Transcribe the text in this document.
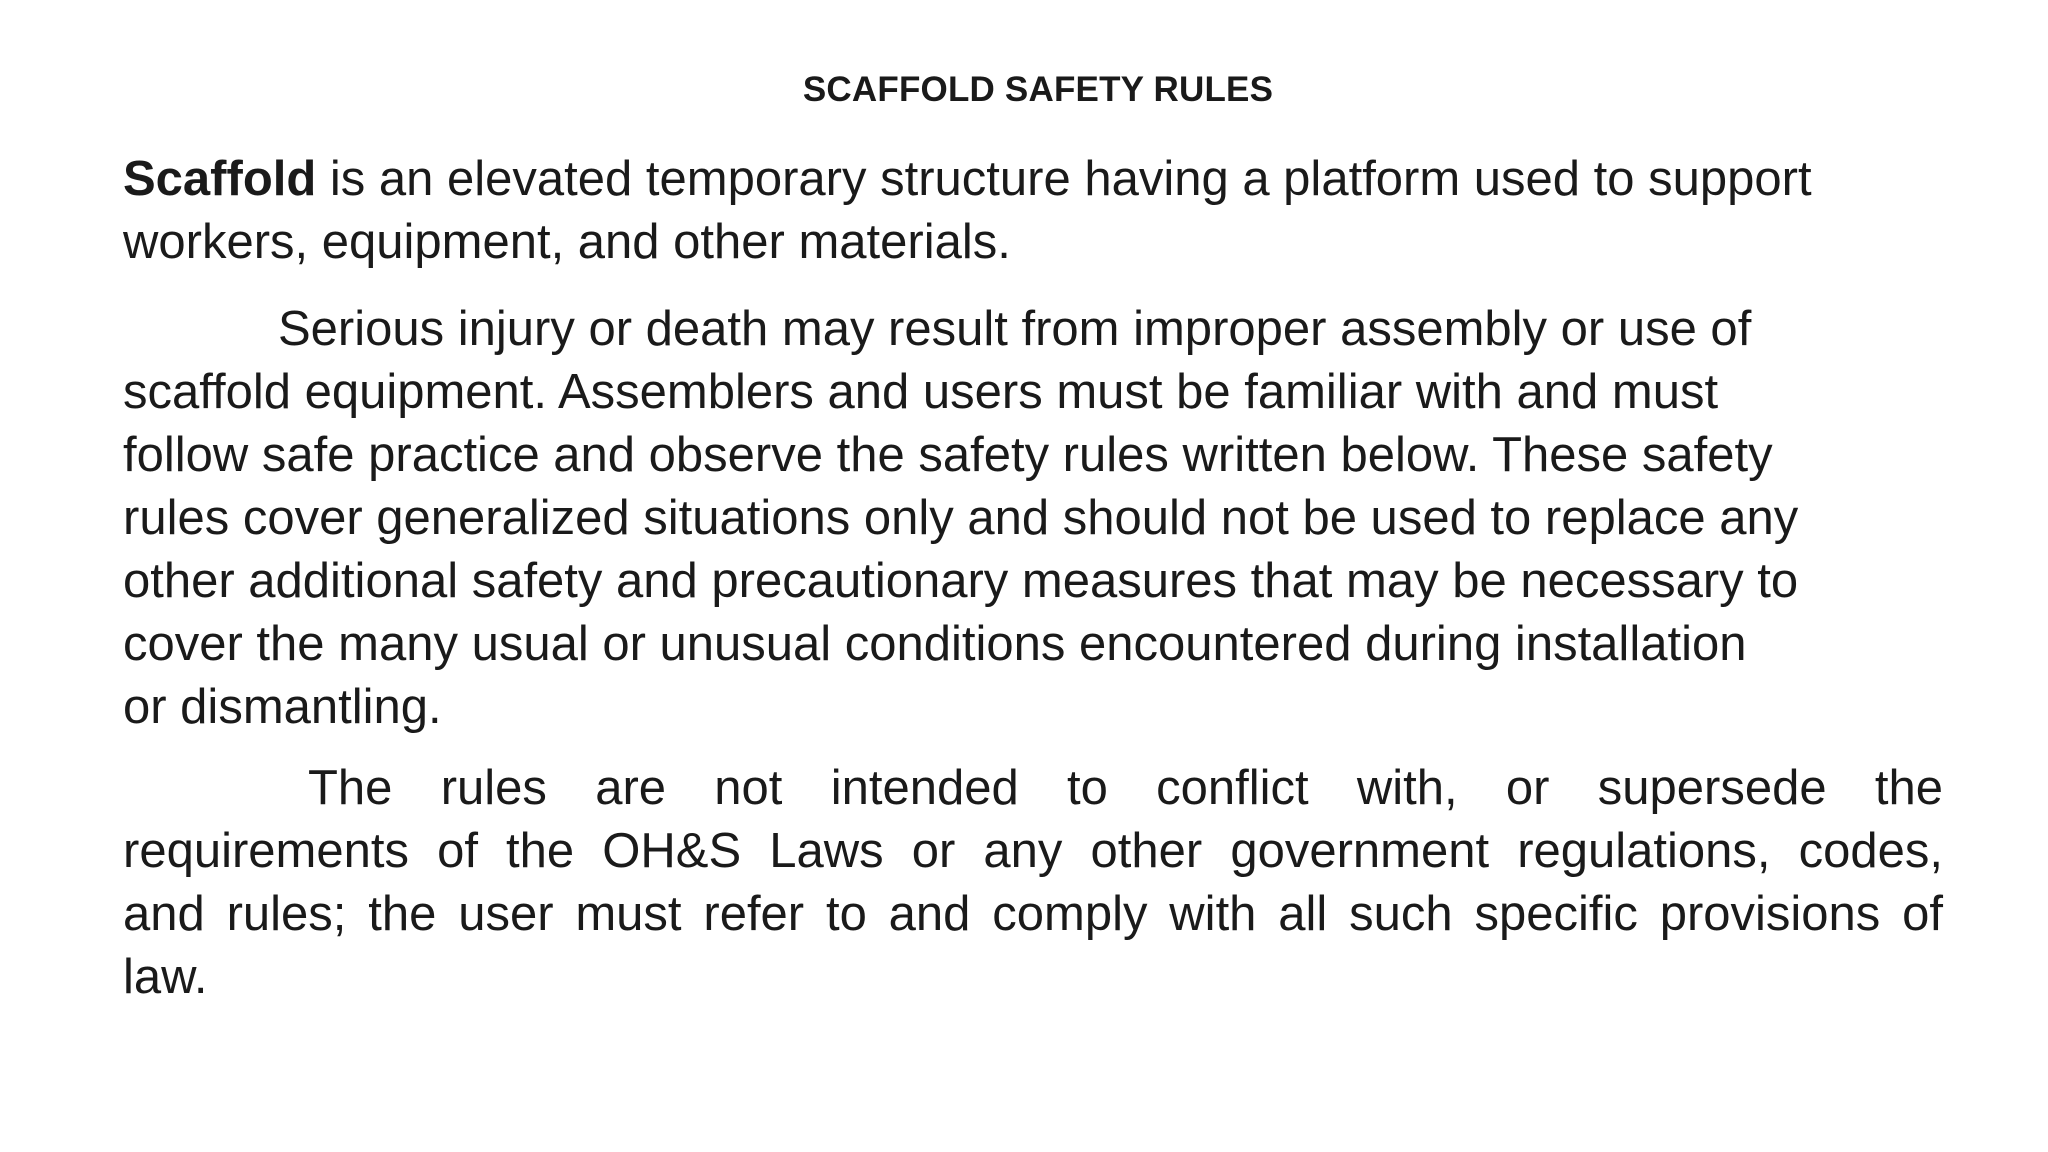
SCAFFOLD SAFETY RULES
Scaffold is an elevated temporary structure having a platform used to support
workers, equipment, and other materials.
Serious injury or death may result from improper assembly or use of
scaffold equipment. Assemblers and users must be familiar with and must
follow safe practice and observe the safety rules written below. These safety
rules cover generalized situations only and should not be used to replace any
other additional safety and precautionary measures that may be necessary to
cover the many usual or unusual conditions encountered during installation
or dismantling.
The rules are not intended to conflict with, or supersede the
requirements of the OH&S Laws or any other government regulations, codes,
and rules; the user must refer to and comply with all such specific provisions of
law.
